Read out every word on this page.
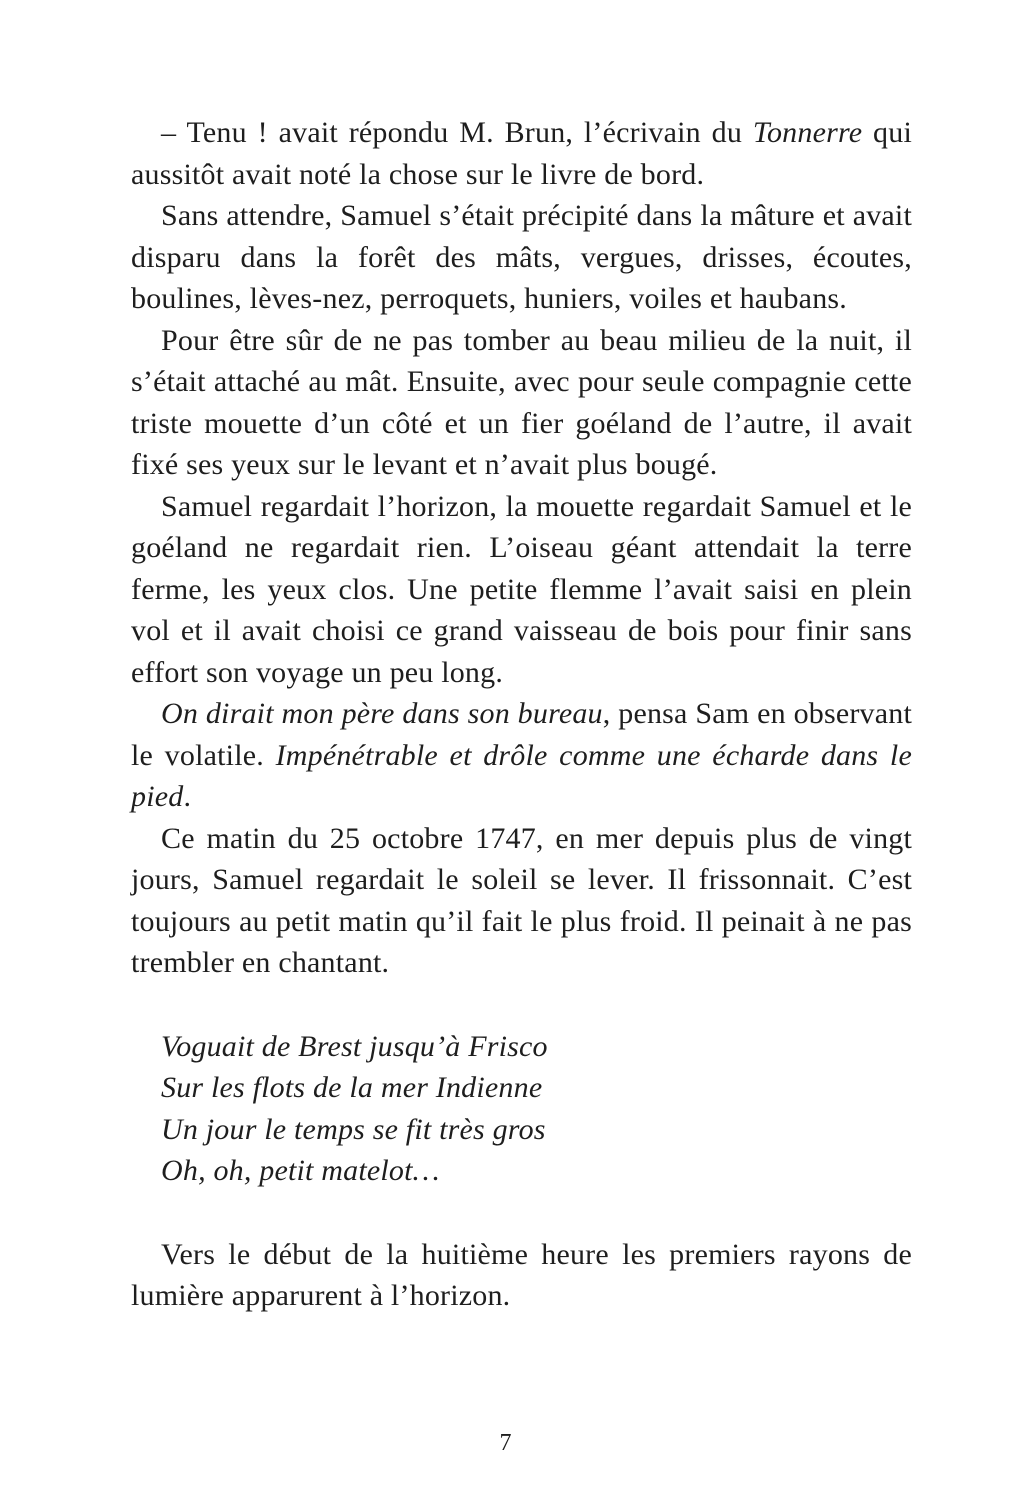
– Tenu ! avait répondu M. Brun, l’écrivain du Tonnerre qui aussitôt avait noté la chose sur le livre de bord.

Sans attendre, Samuel s’était précipité dans la mâture et avait disparu dans la forêt des mâts, vergues, drisses, écoutes, boulines, lèves-nez, perroquets, huniers, voiles et haubans.

Pour être sûr de ne pas tomber au beau milieu de la nuit, il s’était attaché au mât. Ensuite, avec pour seule compagnie cette triste mouette d’un côté et un fier goéland de l’autre, il avait fixé ses yeux sur le levant et n’avait plus bougé.

Samuel regardait l’horizon, la mouette regardait Samuel et le goéland ne regardait rien. L’oiseau géant attendait la terre ferme, les yeux clos. Une petite flemme l’avait saisi en plein vol et il avait choisi ce grand vaisseau de bois pour finir sans effort son voyage un peu long.

On dirait mon père dans son bureau, pensa Sam en observant le volatile. Impénétrable et drôle comme une écharde dans le pied.

Ce matin du 25 octobre 1747, en mer depuis plus de vingt jours, Samuel regardait le soleil se lever. Il frissonnait. C’est toujours au petit matin qu’il fait le plus froid. Il peinait à ne pas trembler en chantant.

Voguait de Brest jusqu’à Frisco
Sur les flots de la mer Indienne
Un jour le temps se fit très gros
Oh, oh, petit matelot…

Vers le début de la huitième heure les premiers rayons de lumière apparurent à l’horizon.

7
